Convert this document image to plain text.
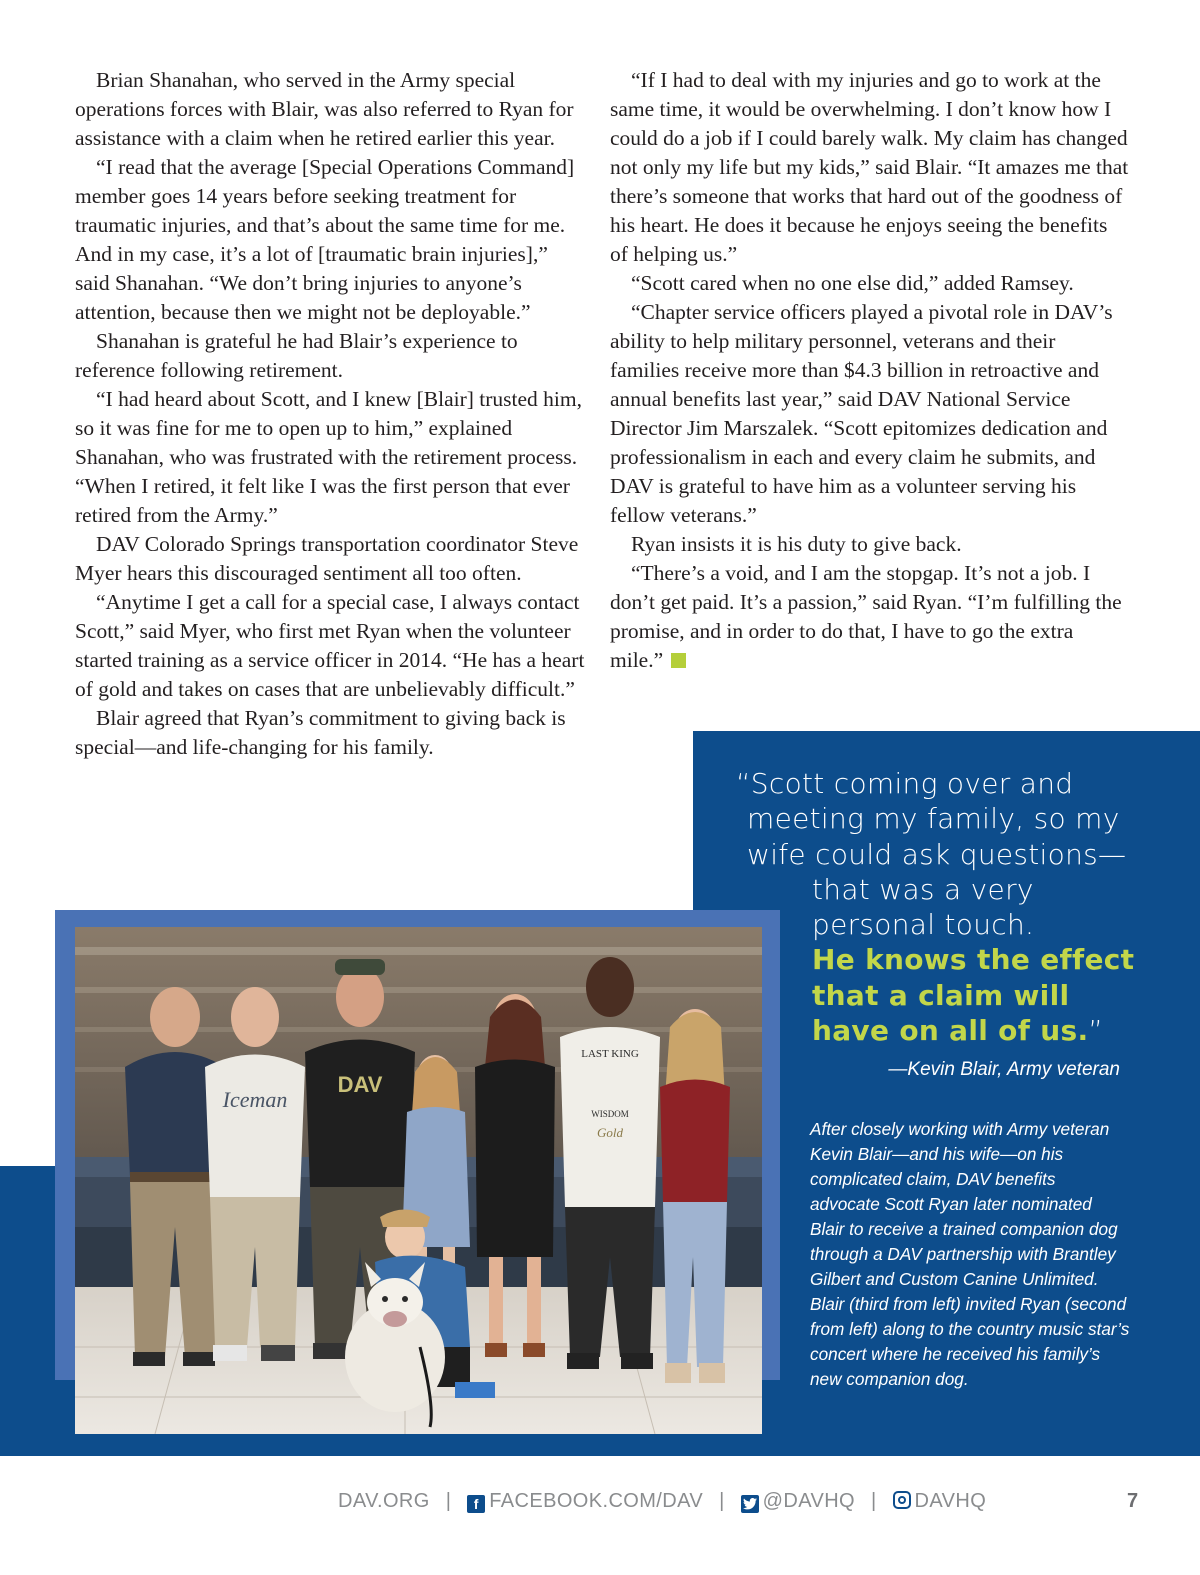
Brian Shanahan, who served in the Army special operations forces with Blair, was also referred to Ryan for assistance with a claim when he retired earlier this year.

“I read that the average [Special Operations Command] member goes 14 years before seeking treatment for traumatic injuries, and that’s about the same time for me. And in my case, it’s a lot of [traumatic brain injuries],” said Shanahan. “We don’t bring injuries to anyone’s attention, because then we might not be deployable.”

Shanahan is grateful he had Blair’s experience to reference following retirement.

“I had heard about Scott, and I knew [Blair] trusted him, so it was fine for me to open up to him,” explained Shanahan, who was frustrated with the retirement process. “When I retired, it felt like I was the first person that ever retired from the Army.”

DAV Colorado Springs transportation coordinator Steve Myer hears this discouraged sentiment all too often.

“Anytime I get a call for a special case, I always contact Scott,” said Myer, who first met Ryan when the volunteer started training as a service officer in 2014. “He has a heart of gold and takes on cases that are unbelievably difficult.”

Blair agreed that Ryan’s commitment to giving back is special—and life-changing for his family.

“If I had to deal with my injuries and go to work at the same time, it would be overwhelming. I don’t know how I could do a job if I could barely walk. My claim has changed not only my life but my kids,” said Blair. “It amazes me that there’s someone that works that hard out of the goodness of his heart. He does it because he enjoys seeing the benefits of helping us.”

“Scott cared when no one else did,” added Ramsey.

“Chapter service officers played a pivotal role in DAV’s ability to help military personnel, veterans and their families receive more than $4.3 billion in retroactive and annual benefits last year,” said DAV National Service Director Jim Marszalek. “Scott epitomizes dedication and professionalism in each and every claim he submits, and DAV is grateful to have him as a volunteer serving his fellow veterans.”

Ryan insists it is his duty to give back.

“There’s a void, and I am the stopgap. It’s not a job. I don’t get paid. It’s a passion,” said Ryan. “I’m fulfilling the promise, and in order to do that, I have to go the extra mile.”

Iceman
DAV
LAST KING
WISDOM
Gold
“Scott coming over and
meeting my family, so my
wife could ask questions—
that was a very
personal touch.
He knows the effect
that a claim will
have on all of us.”
—Kevin Blair, Army veteran
After closely working with Army veteran Kevin Blair—and his wife—on his complicated claim, DAV benefits advocate Scott Ryan later nominated Blair to receive a trained companion dog through a DAV partnership with Brantley Gilbert and Custom Canine Unlimited. Blair (third from left) invited Ryan (second from left) along to the country music star’s concert where he received his family’s new companion dog.
DAV.ORG | f FACEBOOK.COM/DAV | @DAVHQ | DAVHQ	7
